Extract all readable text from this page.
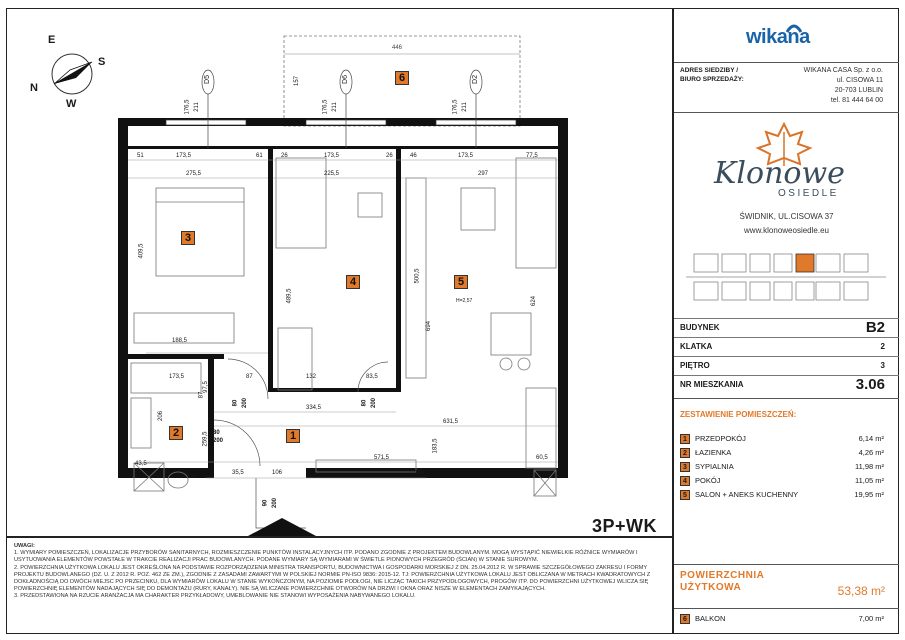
E
S
N
W
1
2
3
4	5
6
446
D5	D6	D2
176,5 211	176,5 211	176,5 211
157
51	173,5	61	26	173,5	26	46	173,5	77,5
275,5	225,5	297
409,5
489,5
500,5
694
624
188,5
H=2,57
173,5
97,5
87	132	83,5
334,5
631,5
206
259,5
87
571,5
183,5
60,5
43,5
130
35,5	106	430
80 200	80 200
80
200
90 200
3P+WK
UWAGI:
1. WYMIARY POMIESZCZEŃ, LOKALIZACJE PRZYBORÓW SANITARNYCH, ROZMIESZCZENIE PUNKTÓW INSTALACYJNYCH ITP. PODANO ZGODNIE Z PROJEKTEM BUDOWLANYM. MOGĄ WYSTĄPIĆ NIEWIELKIE RÓŻNICE WYMIARÓW I USYTUOWANIA ELEMENTÓW POWSTAŁE W TRAKCIE REALIZACJI PRAC BUDOWLANYCH. PODANE WYMIARY SĄ WYMIARAMI W ŚWIETLE PIONOWYCH PRZEGRÓD (ŚCIAN) W STANIE SUROWYM.
2. POWIERZCHNIA UŻYTKOWA LOKALU JEST OKREŚLONA NA PODSTAWIE ROZPORZĄDZENIA MINISTRA TRANSPORTU, BUDOWNICTWA I GOSPODARKI MORSKIEJ Z DN. 25.04.2012 R. W SPRAWIE SZCZEGÓŁOWEGO ZAKRESU I FORMY PROJEKTU BUDOWLANEGO (DZ. U. Z 2012 R. POZ. 462 ZE ZM.), ZGODNIE Z ZASADAMI ZAWARTYMI W POLSKIEJ NORMIE PN-ISO 9836: 2015-12. TJ: POWIERZCHNIA UŻYTKOWA LOKALU JEST OBLICZANA W METRACH KWADRATOWYCH Z DOKŁADNOŚCIĄ DO DWÓCH MIEJSC PO PRZECINKU, DLA WYMIARÓW LOKALU W STANIE WYKOŃCZONYM, NA POZIOMIE PODŁOGI, NIE LICZĄC TAKICH PRZYPODŁOGOWYCH, PROGÓW ITP. DO POWIERZCHNI UŻYTKOWEJ WLICZA SIĘ POWIERZCHNIĘ ELEMENTÓW NADAJĄCYCH SIĘ DO DEMONTAŻU (RURY, KANAŁY). NIE SĄ WLICZANE POWIERZCHNIE OTWORÓW NA DRZWI I OKNA ORAZ NISZE W ELEMENTACH ZAMYKAJĄCYCH.
3. PRZEDSTAWIONA NA RZUCIE ARANŻACJA MA CHARAKTER PRZYKŁADOWY, UMEBLOWANIE NIE STANOWI WYPOSAŻENIA NABYWANEGO LOKALU.
wikana
ADRES SIEDZIBY /
BIURO SPRZEDAŻY:
WIKANA CASA Sp. z o.o.
ul. CISOWA 11
20-703 LUBLIN
tel. 81 444 64 00
Klonowe
OSIEDLE
ŚWIDNIK, UL.CISOWA 37
www.klonoweosiedle.eu
BUDYNEK	B2
KLATKA	2
PIĘTRO	3
NR MIESZKANIA	3.06
ZESTAWIENIE POMIESZCZEŃ:
1	PRZEDPOKÓJ	6,14 m²
2	ŁAZIENKA	4,26 m²
3	SYPIALNIA	11,98 m²
4	POKÓJ	11,05 m²
5	SALON + ANEKS KUCHENNY	19,95 m²
POWIERZCHNIA
UŻYTKOWA	53,38 m²
6	BALKON	7,00 m²
